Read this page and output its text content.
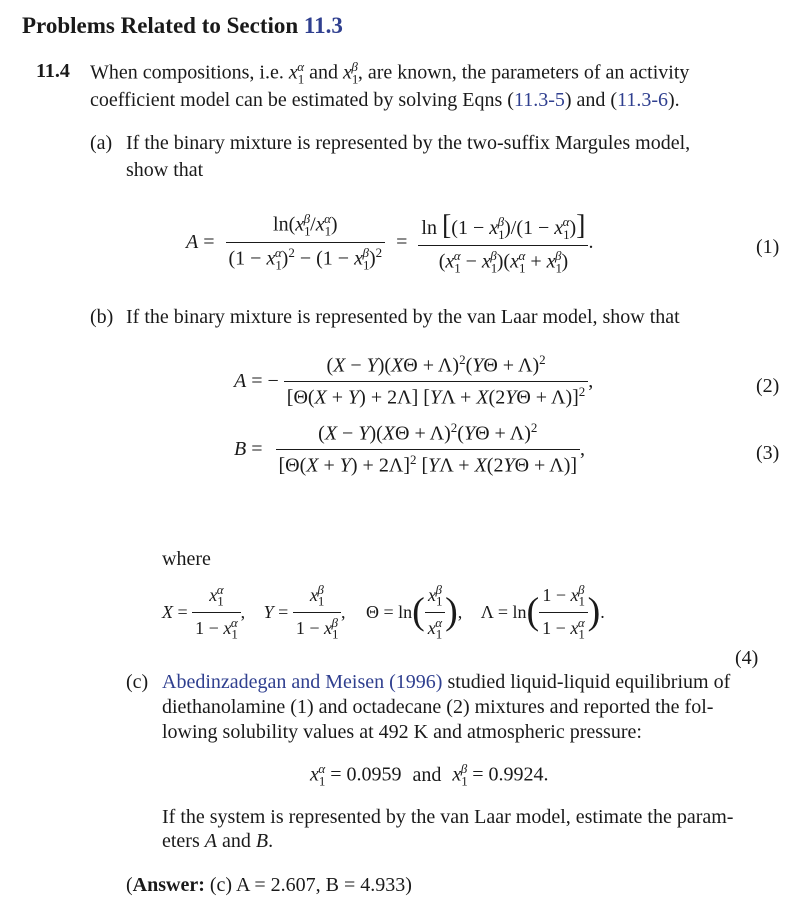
Problems Related to Section 11.3
11.4 When compositions, i.e. $x_1^\alpha$ and $x_1^\beta$, are known, the parameters of an activity
coefficient model can be estimated by solving Eqns (11.3-5) and (11.3-6).
(a) If the binary mixture is represented by the two-suffix Margules model,
show that
$A = \frac{\ln(x_1^\beta/x_1^\alpha)}{(1 - x_1^\alpha)^2 - (1 - x_1^\beta)^2} = \frac{\ln [(1 - x_1^\beta)/(1 - x_1^\alpha)]}{(x_1^\alpha - x_1^\beta)(x_1^\alpha + x_1^\beta)}$ .	(1)
(b) If the binary mixture is represented by the van Laar model, show that
A = − $\frac{(X - Y)(X\Theta + \Lambda)^2(Y\Theta + \Lambda)^2}{[\Theta(X + Y) + 2\Lambda] [Y\Lambda + X(2Y\Theta + \Lambda)]^2}$ ,	(2)
$B = \frac{(X - Y)(X\Theta + \Lambda)^2(Y\Theta + \Lambda)^2}{[\Theta(X + Y) + 2\Lambda]^2 [Y\Lambda + X(2Y\Theta + \Lambda)]}$ ,	(3)
where
$X = \frac{x_1^\alpha}{1 - x_1^\alpha}$ , $Y = \frac{x_1^\beta}{1 - x_1^\beta}$ , $\Theta = \ln( \frac{x_1^\beta}{x_1^\alpha}$ ), $\Lambda = \ln( \frac{1 - x_1^\beta}{1 - x_1^\alpha}$ ).
(4)
(c) Abedinzadegan and Meisen (1996) studied liquid-liquid equilibrium of
diethanolamine (1) and octadecane (2) mixtures and reported the fol-
lowing solubility values at 492 K and atmospheric pressure:
$x_1^\alpha = 0.0959$ and $x_1^\beta = 0.9924$.
If the system is represented by the van Laar model, estimate the param-
eters A and B.
(Answer: (c) A = 2.607, B = 4.933)
